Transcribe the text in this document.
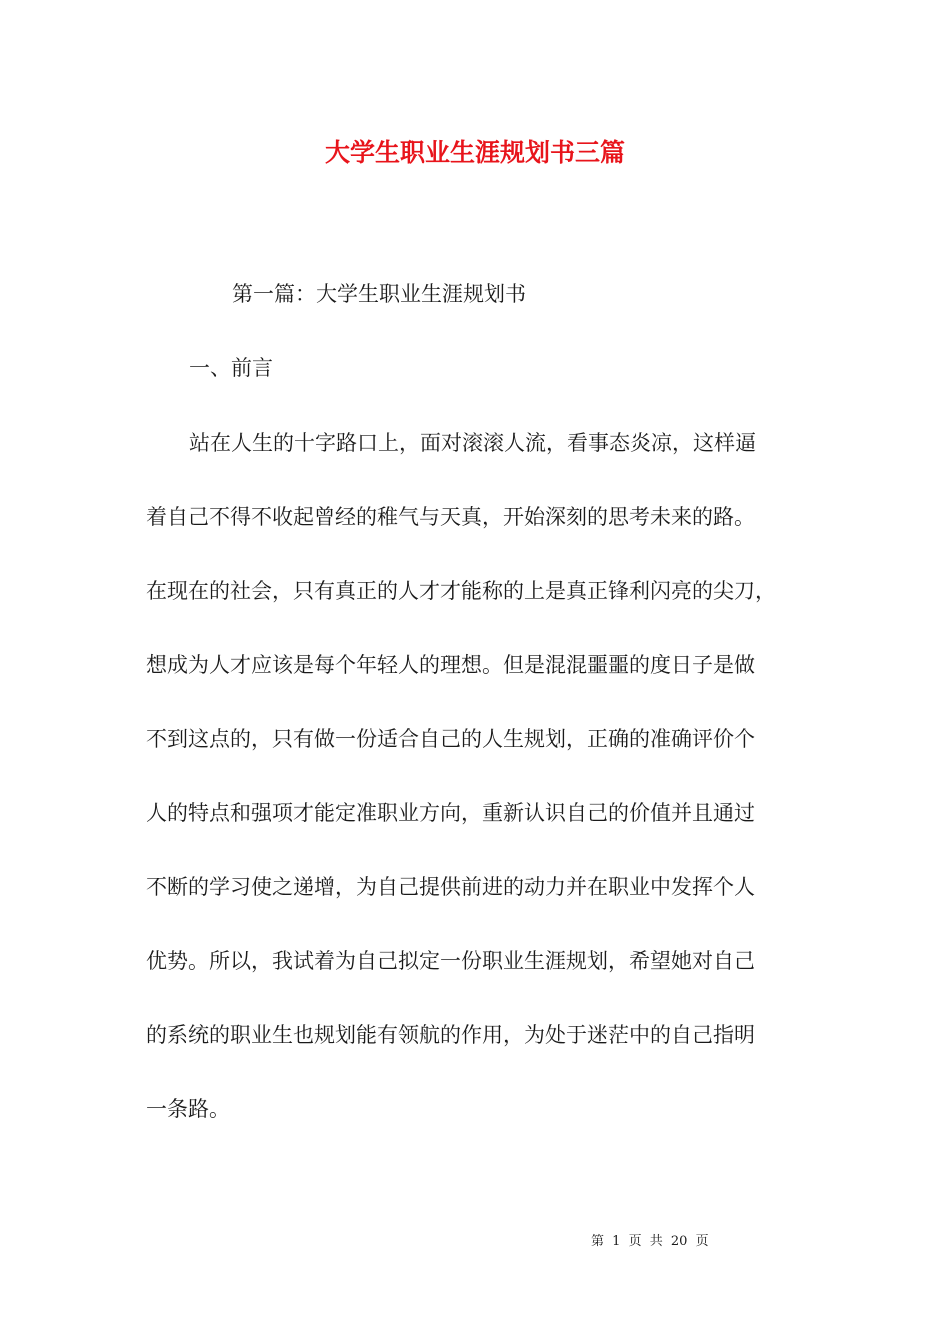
大学生职业生涯规划书三篇
第一篇：大学生职业生涯规划书
一、前言
站在人生的十字路口上，面对滚滚人流，看事态炎凉，这样逼
着自己不得不收起曾经的稚气与天真，开始深刻的思考未来的路。
在现在的社会，只有真正的人才才能称的上是真正锋利闪亮的尖刀，
想成为人才应该是每个年轻人的理想。但是混混噩噩的度日子是做
不到这点的，只有做一份适合自己的人生规划，正确的准确评价个
人的特点和强项才能定准职业方向，重新认识自己的价值并且通过
不断的学习使之递增，为自己提供前进的动力并在职业中发挥个人
优势。所以，我试着为自己拟定一份职业生涯规划，希望她对自己
的系统的职业生也规划能有领航的作用，为处于迷茫中的自己指明
一条路。
第 1 页 共 20 页
